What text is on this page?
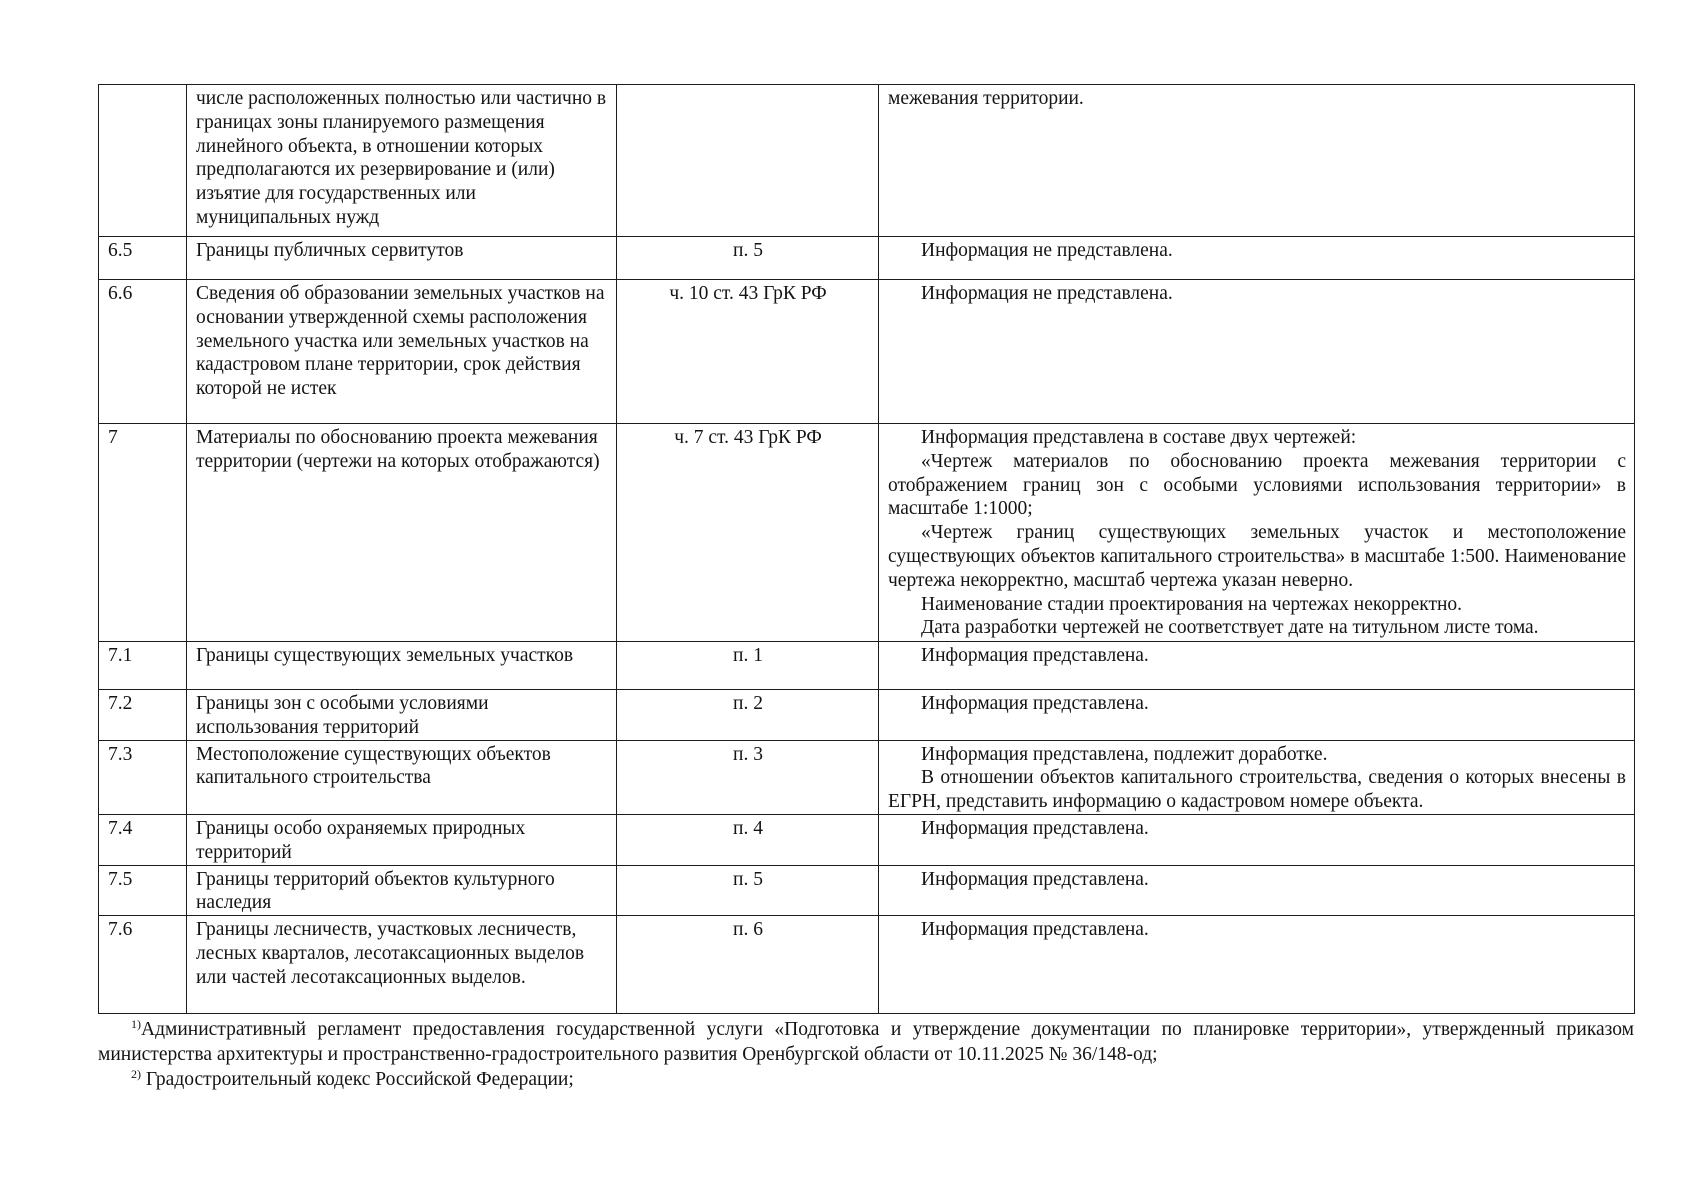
	числе расположенных полностью или частично в границах зоны планируемого размещения линейного объекта, в отношении которых предполагаются их резервирование и (или) изъятие для государственных или муниципальных нужд		межевания территории.

6.5	Границы публичных сервитутов	п. 5	Информация не представлена.

6.6	Сведения об образовании земельных участков на основании утвержденной схемы расположения земельного участка или земельных участков на кадастровом плане территории, срок действия которой не истек	ч. 10 ст. 43 ГрК РФ	Информация не представлена.

7	Материалы по обоснованию проекта межевания территории (чертежи на которых отображаются)	ч. 7 ст. 43 ГрК РФ	Информация представлена в составе двух чертежей:
«Чертеж материалов по обоснованию проекта межевания территории с отображением границ зон с особыми условиями использования территории» в масштабе 1:1000;
«Чертеж границ существующих земельных участок и местоположение существующих объектов капитального строительства» в масштабе 1:500. Наименование чертежа некорректно, масштаб чертежа указан неверно.
Наименование стадии проектирования на чертежах некорректно.
Дата разработки чертежей не соответствует дате на титульном листе тома.

7.1	Границы существующих земельных участков	п. 1	Информация представлена.

7.2	Границы зон с особыми условиями использования территорий	п. 2	Информация представлена.

7.3	Местоположение существующих объектов капитального строительства	п. 3	Информация представлена, подлежит доработке.
В отношении объектов капитального строительства, сведения о которых внесены в ЕГРН, представить информацию о кадастровом номере объекта.

7.4	Границы особо охраняемых природных территорий	п. 4	Информация представлена.

7.5	Границы территорий объектов культурного наследия	п. 5	Информация представлена.

7.6	Границы лесничеств, участковых лесничеств, лесных кварталов, лесотаксационных выделов или частей лесотаксационных выделов.	п. 6	Информация представлена.
$^{1)}$Административный регламент предоставления государственной услуги «Подготовка и утверждение документации по планировке территории», утвержденный приказом министерства архитектуры и пространственно-градостроительного развития Оренбургской области от 10.11.2025 № 36/148-од;
$^{2)}$ Градостроительный кодекс Российской Федерации;
